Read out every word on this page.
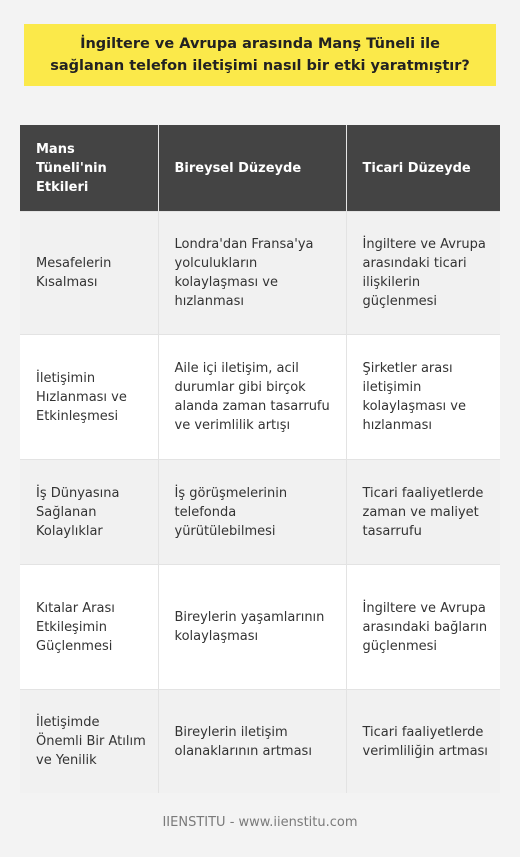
İngiltere ve Avrupa arasında Manş Tüneli ile sağlanan telefon iletişimi nasıl bir etki yaratmıştır?
Mans Tüneli'nin Etkileri	Bireysel Düzeyde	Ticari Düzeyde
Mesafelerin Kısalması	Londra'dan Fransa'ya yolculukların kolaylaşması ve hızlanması	İngiltere ve Avrupa arasındaki ticari ilişkilerin güçlenmesi
İletişimin Hızlanması ve Etkinleşmesi	Aile içi iletişim, acil durumlar gibi birçok alanda zaman tasarrufu ve verimlilik artışı	Şirketler arası iletişimin kolaylaşması ve hızlanması
İş Dünyasına Sağlanan Kolaylıklar	İş görüşmelerinin telefonda yürütülebilmesi	Ticari faaliyetlerde zaman ve maliyet tasarrufu
Kıtalar Arası Etkileşimin Güçlenmesi	Bireylerin yaşamlarının kolaylaşması	İngiltere ve Avrupa arasındaki bağların güçlenmesi
İletişimde Önemli Bir Atılım ve Yenilik	Bireylerin iletişim olanaklarının artması	Ticari faaliyetlerde verimliliğin artması
IIENSTITU - www.iienstitu.com
